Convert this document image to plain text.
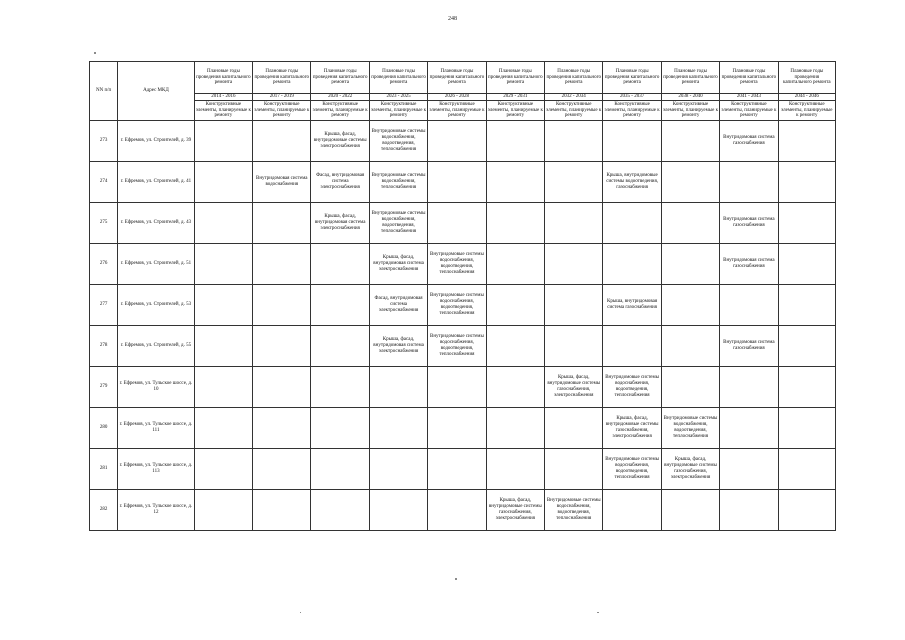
248
NN п/п	Адрес МКД	Плановые годы проведения капитального ремонта	Плановые годы проведения капитального ремонта	Плановые годы проведения капитального ремонта	Плановые годы проведения капитального ремонта	Плановые годы проведения капитального ремонта	Плановые годы проведения капитального ремонта	Плановые годы проведения капитального ремонта	Плановые годы проведения капитального ремонта	Плановые годы проведения капитального ремонта	Плановые годы проведения капитального ремонта	Плановые годы проведения капитального ремонта
		2014 - 2016	2017 - 2019	2020 - 2022	2023 - 2025	2026 - 2028	2029 - 2031	2032 - 2034	2035 - 2037	2038 - 2040	2041 - 2043	2044 - 2046
		Конструктивные элементы, планируемые к ремонту	Конструктивные элементы, планируемые к ремонту	Конструктивные элементы, планируемые к ремонту	Конструктивные элементы, планируемые к ремонту	Конструктивные элементы, планируемые к ремонту	Конструктивные элементы, планируемые к ремонту	Конструктивные элементы, планируемые к ремонту	Конструктивные элементы, планируемые к ремонту	Конструктивные элементы, планируемые к ремонту	Конструктивные элементы, планируемые к ремонту	Конструктивные элементы, планируемые к ремонту
273	г. Ефремов, ул. Строителей, д. 39			Крыша, фасад, внутридомовые системы электроснабжения	Внутридомовые системы водоснабжения, водоотведения, теплоснабжения						Внутридомовая система газоснабжения	
274	г. Ефремов, ул. Строителей, д. 41		Внутридомовая система водоснабжения	Фасад, внутридомовая система электроснабжения	Внутридомовые системы водоснабжения, теплоснабжения				Крыша, внутридомовые системы водоотведения, газоснабжения			
275	г. Ефремов, ул. Строителей, д. 43			Крыша, фасад, внутридомовая система электроснабжения	Внутридомовые системы водоснабжения, водоотведения, теплоснабжения						Внутридомовая система газоснабжения	
276	г. Ефремов, ул. Строителей, д. 51				Крыша, фасад, внутридомовая система электроснабжения	Внутридомовые системы водоснабжения, водоотведения, теплоснабжения					Внутридомовая система газоснабжения	
277	г. Ефремов, ул. Строителей, д. 53				Фасад, внутридомовая система электроснабжения	Внутридомовые системы водоснабжения, водоотведения, теплоснабжения			Крыша, внутридомовая система газоснабжения			
278	г. Ефремов, ул. Строителей, д. 55				Крыша, фасад, внутридомовая система электроснабжения	Внутридомовые системы водоснабжения, водоотведения, теплоснабжения					Внутридомовая система газоснабжения	
279	г. Ефремов, ул. Тульское шоссе, д. 10							Крыша, фасад, внутридомовые системы газоснабжения, электроснабжения	Внутридомовые системы водоснабжения, водоотведения, теплоснабжения			
280	г. Ефремов, ул. Тульское шоссе, д. 111								Крыша, фасад, внутридомовые системы газоснабжения, электроснабжения	Внутридомовые системы водоснабжения, водоотведения, теплоснабжения		
281	г. Ефремов, ул. Тульское шоссе, д. 113								Внутридомовые системы водоснабжения, водоотведения, теплоснабжения	Крыша, фасад, внутридомовые системы газоснабжения, электроснабжения		
282	г. Ефремов, ул. Тульское шоссе, д. 12						Крыша, фасад, внутридомовые системы газоснабжения, электроснабжения	Внутридомовые системы водоснабжения, водоотведения, теплоснабжения				
